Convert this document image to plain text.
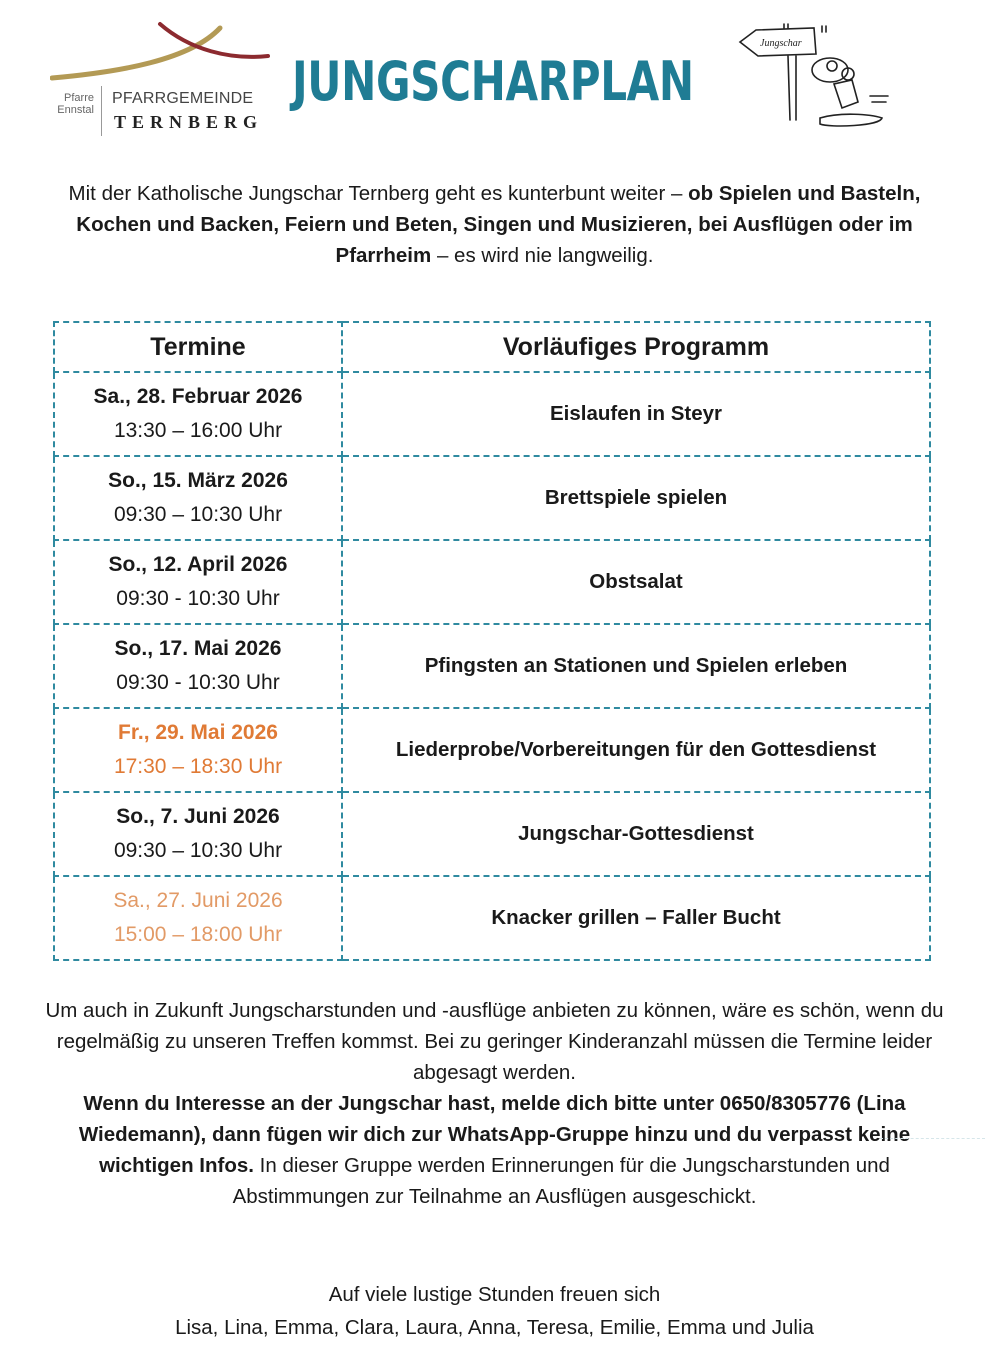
Pfarre
Ennstal
PFARRGEMEINDE
TERNBERG
JUNGSCHARPLAN
Jungschar

Mit der Katholische Jungschar Ternberg geht es kunterbunt weiter – ob Spielen und Basteln, Kochen und Backen, Feiern und Beten, Singen und Musizieren, bei Ausflügen oder im Pfarrheim – es wird nie langweilig.

Termine	Vorläufiges Programm

Sa., 28. Februar 2026
13:30 – 16:00 Uhr	Eislaufen in Steyr

So., 15. März 2026
09:30 – 10:30 Uhr	Brettspiele spielen

So., 12. April 2026
09:30 - 10:30 Uhr	Obstsalat

So., 17. Mai 2026
09:30 - 10:30 Uhr	Pfingsten an Stationen und Spielen erleben

Fr., 29. Mai 2026
17:30 – 18:30 Uhr	Liederprobe/Vorbereitungen für den Gottesdienst

So., 7. Juni 2026
09:30 – 10:30 Uhr	Jungschar-Gottesdienst

Sa., 27. Juni 2026
15:00 – 18:00 Uhr	Knacker grillen – Faller Bucht

Um auch in Zukunft Jungscharstunden und -ausflüge anbieten zu können, wäre es schön, wenn du regelmäßig zu unseren Treffen kommst. Bei zu geringer Kinderanzahl müssen die Termine leider abgesagt werden.
Wenn du Interesse an der Jungschar hast, melde dich bitte unter 0650/8305776 (Lina Wiedemann), dann fügen wir dich zur WhatsApp-Gruppe hinzu und du verpasst keine wichtigen Infos. In dieser Gruppe werden Erinnerungen für die Jungscharstunden und Abstimmungen zur Teilnahme an Ausflügen ausgeschickt.

Auf viele lustige Stunden freuen sich
Lisa, Lina, Emma, Clara, Laura, Anna, Teresa, Emilie, Emma und Julia
